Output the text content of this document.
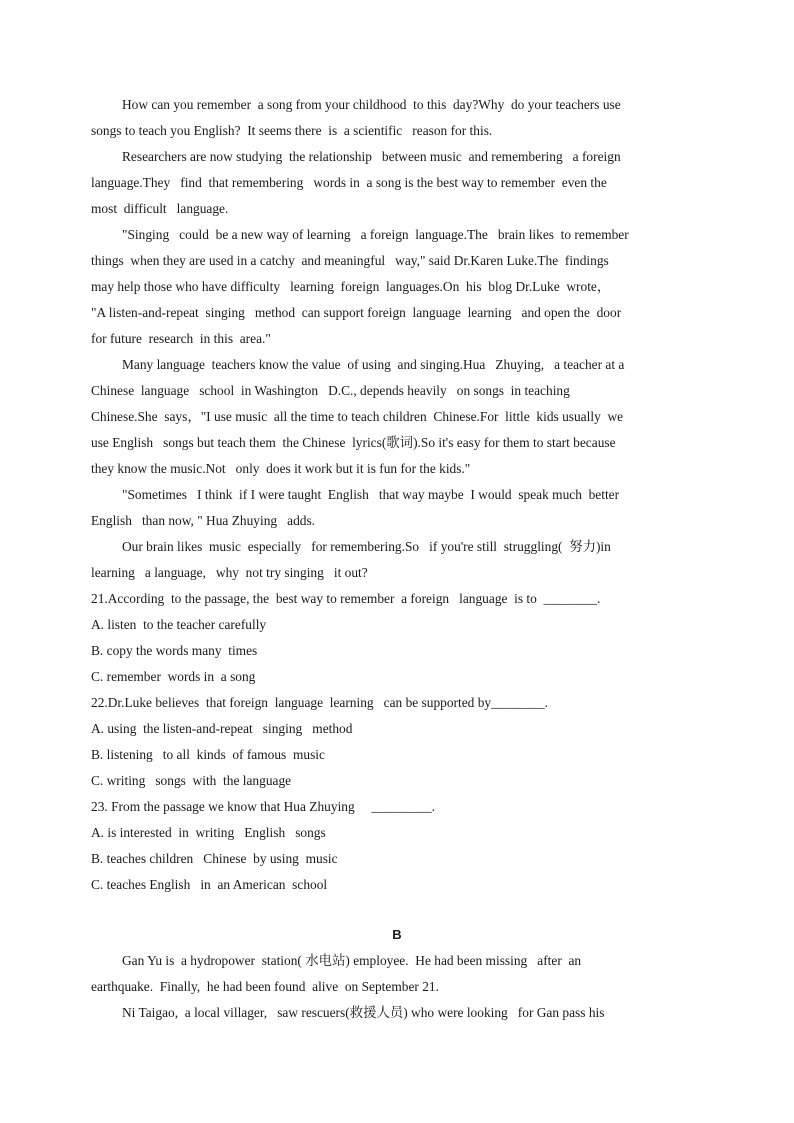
How can you remember  a song from your childhood  to this  day?Why  do your teachers use
songs to teach you English?  It seems there  is  a scientific   reason for this.
Researchers are now studying  the relationship   between music  and remembering   a foreign
language.They   find  that remembering   words in  a song is the best way to remember  even the
most  difficult   language.
"Singing   could  be a new way of learning   a foreign  language.The   brain likes  to remember
things  when they are used in a catchy  and meaningful   way," said Dr.Karen Luke.The  findings
may help those who have difficulty   learning  foreign  languages.On  his  blog Dr.Luke  wrote，
"A listen-and-repeat  singing   method  can support foreign  language  learning   and open the  door
for future  research  in this  area."
Many language  teachers know the value  of using  and singing.Hua   Zhuying,   a teacher at a
Chinese  language   school  in Washington   D.C., depends heavily   on songs  in teaching
Chinese.She  says，"I use music  all the time to teach children  Chinese.For  little  kids usually  we
use English   songs but teach them  the Chinese  lyrics(歌词).So it's easy for them to start because
they know the music.Not   only  does it work but it is fun for the kids."
"Sometimes   I think  if I were taught  English   that way maybe  I would  speak much  better
English   than now, " Hua Zhuying   adds.
Our brain likes  music  especially   for remembering.So   if you're still  struggling(  努力)in
learning   a language,   why  not try singing   it out?
21.According  to the passage, the  best way to remember  a foreign   language  is to  ________.
A. listen  to the teacher carefully
B. copy the words many  times
C. remember  words in  a song
22.Dr.Luke believes  that foreign  language  learning   can be supported by________.
A. using  the listen-and-repeat   singing   method
B. listening   to all  kinds  of famous  music
C. writing   songs  with  the language
23. From the passage we know that Hua Zhuying     _________.
A. is interested  in  writing   English   songs
B. teaches children   Chinese  by using  music
C. teaches English   in  an American  school
B
Gan Yu is  a hydropower  station( 水电站) employee.  He had been missing   after  an
earthquake.  Finally,  he had been found  alive  on September 21.
Ni Taigao,  a local villager,   saw rescuers(救援人员) who were looking   for Gan pass his
